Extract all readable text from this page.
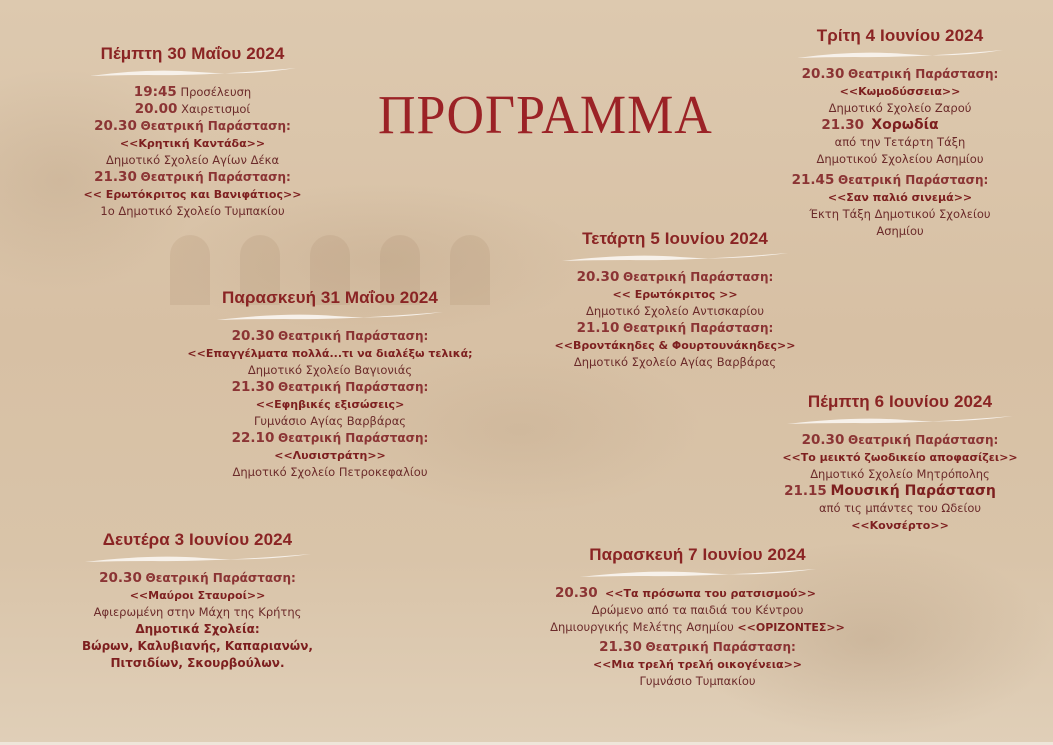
ΠΡΟΓΡΑΜΜΑ
Πέμπτη 30 Μαΐου 2024
19:45 Προσέλευση
20.00 Χαιρετισμοί
20.30 Θεατρική Παράσταση:
<<Κρητική Καντάδα>>
Δημοτικό Σχολείο Αγίων Δέκα
21.30 Θεατρική Παράσταση:
<< Ερωτόκριτος και Βανιφάτιος>>
1ο Δημοτικό Σχολείο Τυμπακίου
Παρασκευή 31 Μαΐου 2024
20.30 Θεατρική Παράσταση:
<<Επαγγέλματα πολλά...τι να διαλέξω τελικά;
Δημοτικό Σχολείο Βαγιονιάς
21.30 Θεατρική Παράσταση:
<<Εφηβικές εξισώσεις>
Γυμνάσιο Αγίας Βαρβάρας
22.10 Θεατρική Παράσταση:
<<Λυσιστράτη>>
Δημοτικό Σχολείο Πετροκεφαλίου
Δευτέρα 3 Ιουνίου 2024
20.30 Θεατρική Παράσταση:
<<Μαύροι Σταυροί>>
Αφιερωμένη στην Μάχη της Κρήτης
Δημοτικά Σχολεία:
Βώρων, Καλυβιανής, Καπαριανών,
Πιτσιδίων, Σκουρβούλων.
Τρίτη 4 Ιουνίου 2024
20.30 Θεατρική Παράσταση:
<<Κωμοδύσσεια>>
Δημοτικό Σχολείο Ζαρού
21.30 Χορωδία
από την Τετάρτη Τάξη
Δημοτικού Σχολείου Ασημίου
21.45 Θεατρική Παράσταση:
<<Σαν παλιό σινεμά>>
Έκτη Τάξη Δημοτικού Σχολείου
Ασημίου
Τετάρτη 5 Ιουνίου 2024
20.30 Θεατρική Παράσταση:
<< Ερωτόκριτος >>
Δημοτικό Σχολείο Αντισκαρίου
21.10 Θεατρική Παράσταση:
<<Βροντάκηδες & Φουρτουνάκηδες>>
Δημοτικό Σχολείο Αγίας Βαρβάρας
Πέμπτη 6 Ιουνίου 2024
20.30 Θεατρική Παράσταση:
<<Το μεικτό ζωοδικείο αποφασίζει>>
Δημοτικό Σχολείο Μητρόπολης
21.15 Μουσική Παράσταση
από τις μπάντες του Ωδείου
<<Κονσέρτο>>
Παρασκευή 7 Ιουνίου 2024
20.30 <<Τα πρόσωπα του ρατσισμού>>
Δρώμενο από τα παιδιά του Κέντρου
Δημιουργικής Μελέτης Ασημίου <<ΟΡΙΖΟΝΤΕΣ>>
21.30 Θεατρική Παράσταση:
<<Μια τρελή τρελή οικογένεια>>
Γυμνάσιο Τυμπακίου
